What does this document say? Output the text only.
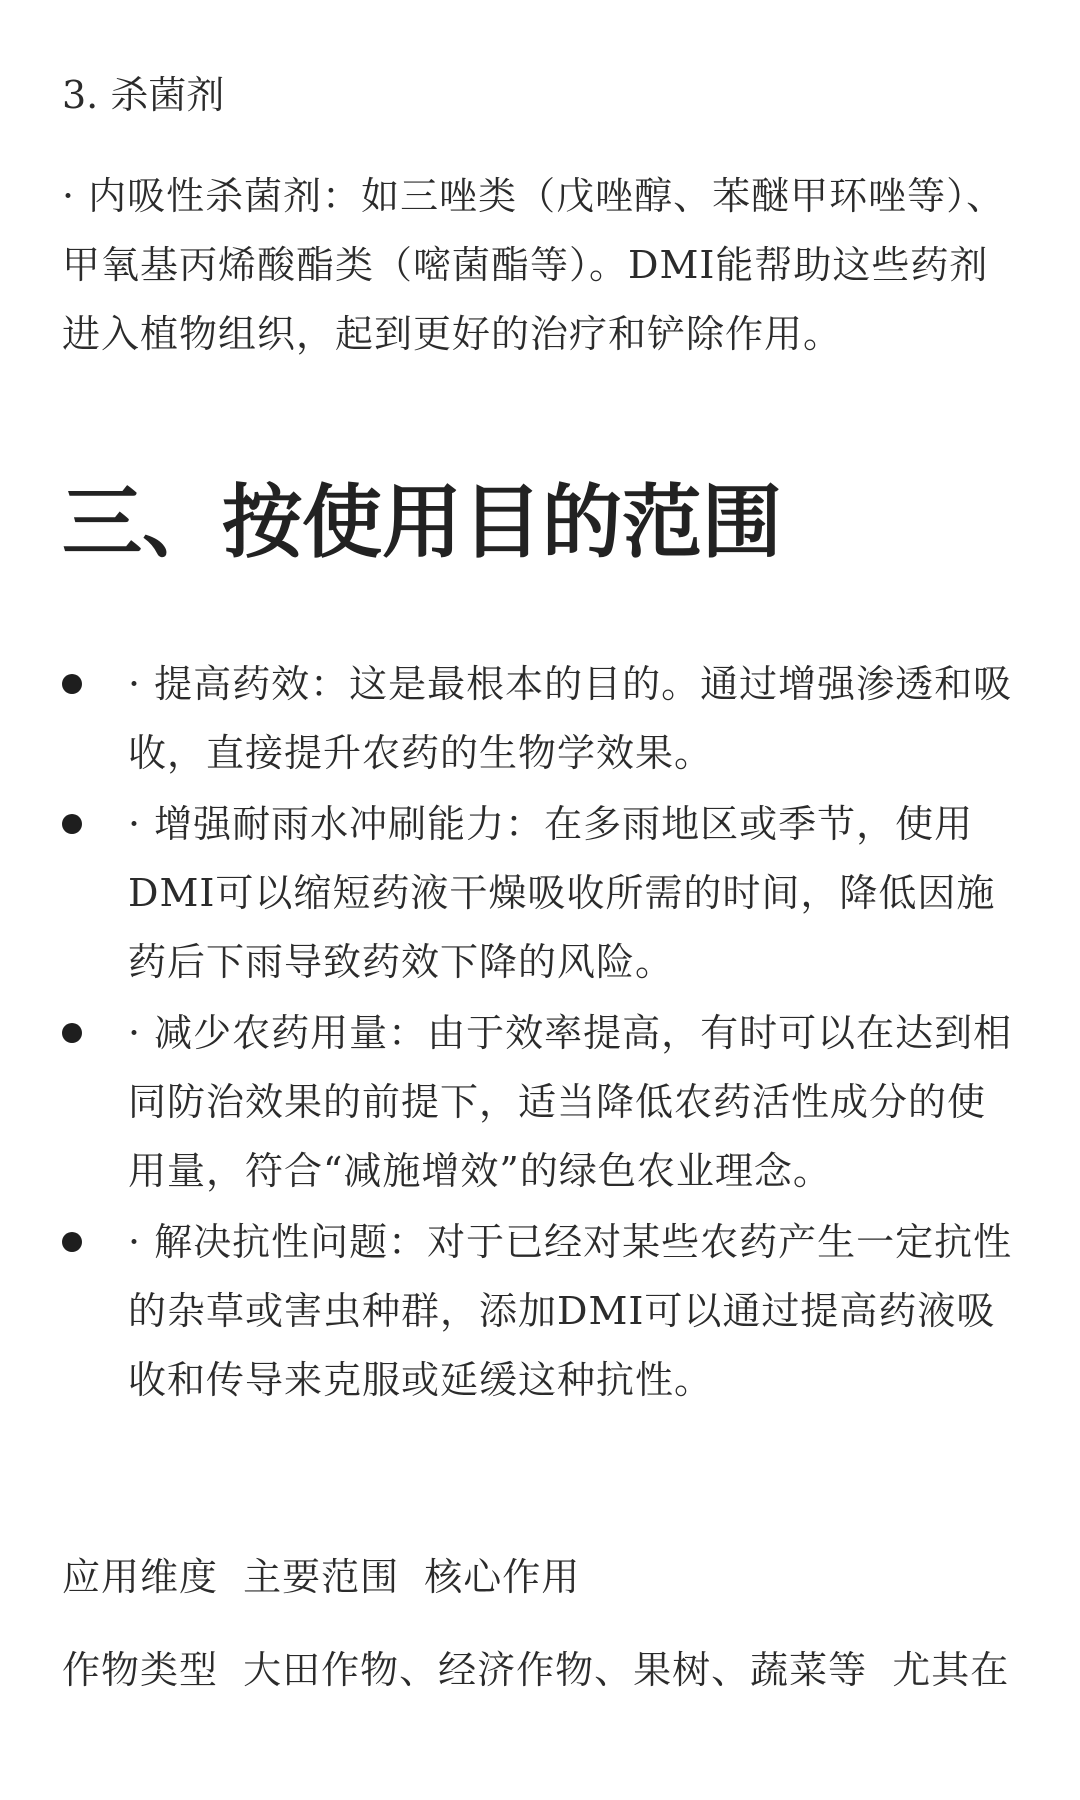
3. 杀菌剂

· 内吸性杀菌剂：如三唑类（戊唑醇、苯醚甲环唑等）、甲氧基丙烯酸酯类（嘧菌酯等）。DMI能帮助这些药剂进入植物组织，起到更好的治疗和铲除作用。

三、按使用目的范围
· 提高药效：这是最根本的目的。通过增强渗透和吸收，直接提升农药的生物学效果。
· 增强耐雨水冲刷能力：在多雨地区或季节，使用DMI可以缩短药液干燥吸收所需的时间，降低因施药后下雨导致药效下降的风险。
· 减少农药用量：由于效率提高，有时可以在达到相同防治效果的前提下，适当降低农药活性成分的使用量，符合“减施增效”的绿色农业理念。
· 解决抗性问题：对于已经对某些农药产生一定抗性的杂草或害虫种群，添加DMI可以通过提高药液吸收和传导来克服或延缓这种抗性。
应用维度 主要范围 核心作用
作物类型 大田作物、经济作物、果树、蔬菜等 尤其在
